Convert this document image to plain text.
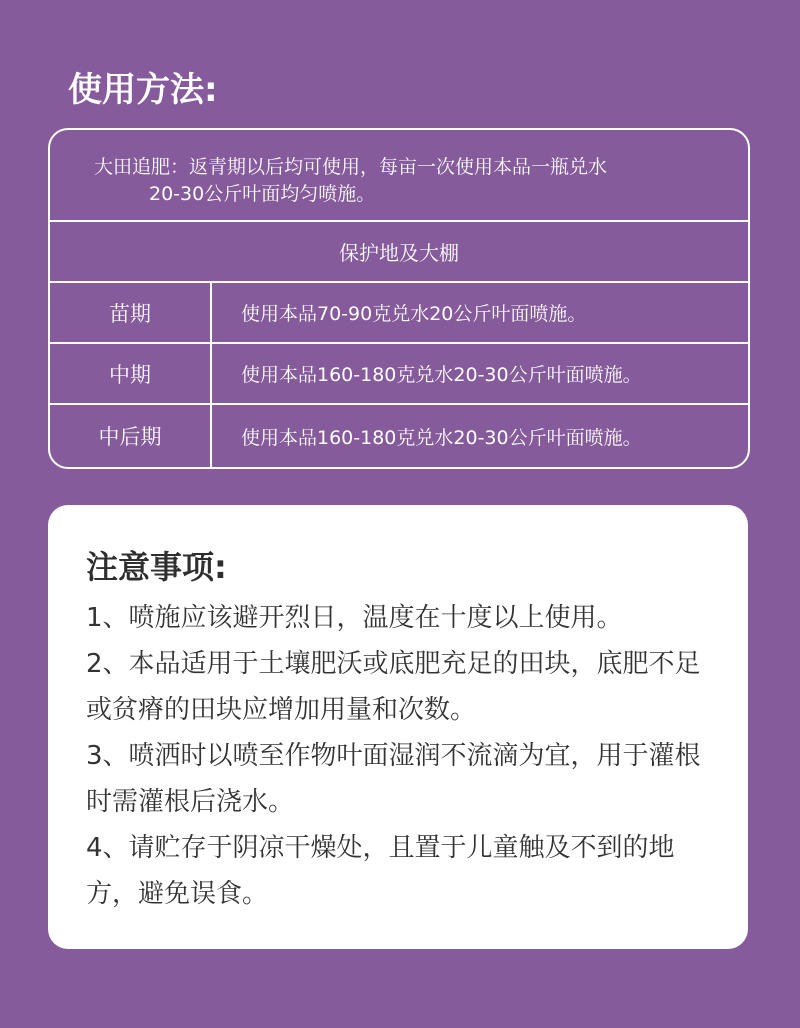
使用方法:
大田追肥：返青期以后均可使用，每亩一次使用本品一瓶兑水
20-30公斤叶面均匀喷施。
保护地及大棚
苗期	使用本品70-90克兑水20公斤叶面喷施。
中期	使用本品160-180克兑水20-30公斤叶面喷施。
中后期	使用本品160-180克兑水20-30公斤叶面喷施。
注意事项:

1、喷施应该避开烈日，温度在十度以上使用。

2、本品适用于土壤肥沃或底肥充足的田块，底肥不足或贫瘠的田块应增加用量和次数。

3、喷洒时以喷至作物叶面湿润不流滴为宜，用于灌根时需灌根后浇水。

4、请贮存于阴凉干燥处，且置于儿童触及不到的地方，避免误食。
